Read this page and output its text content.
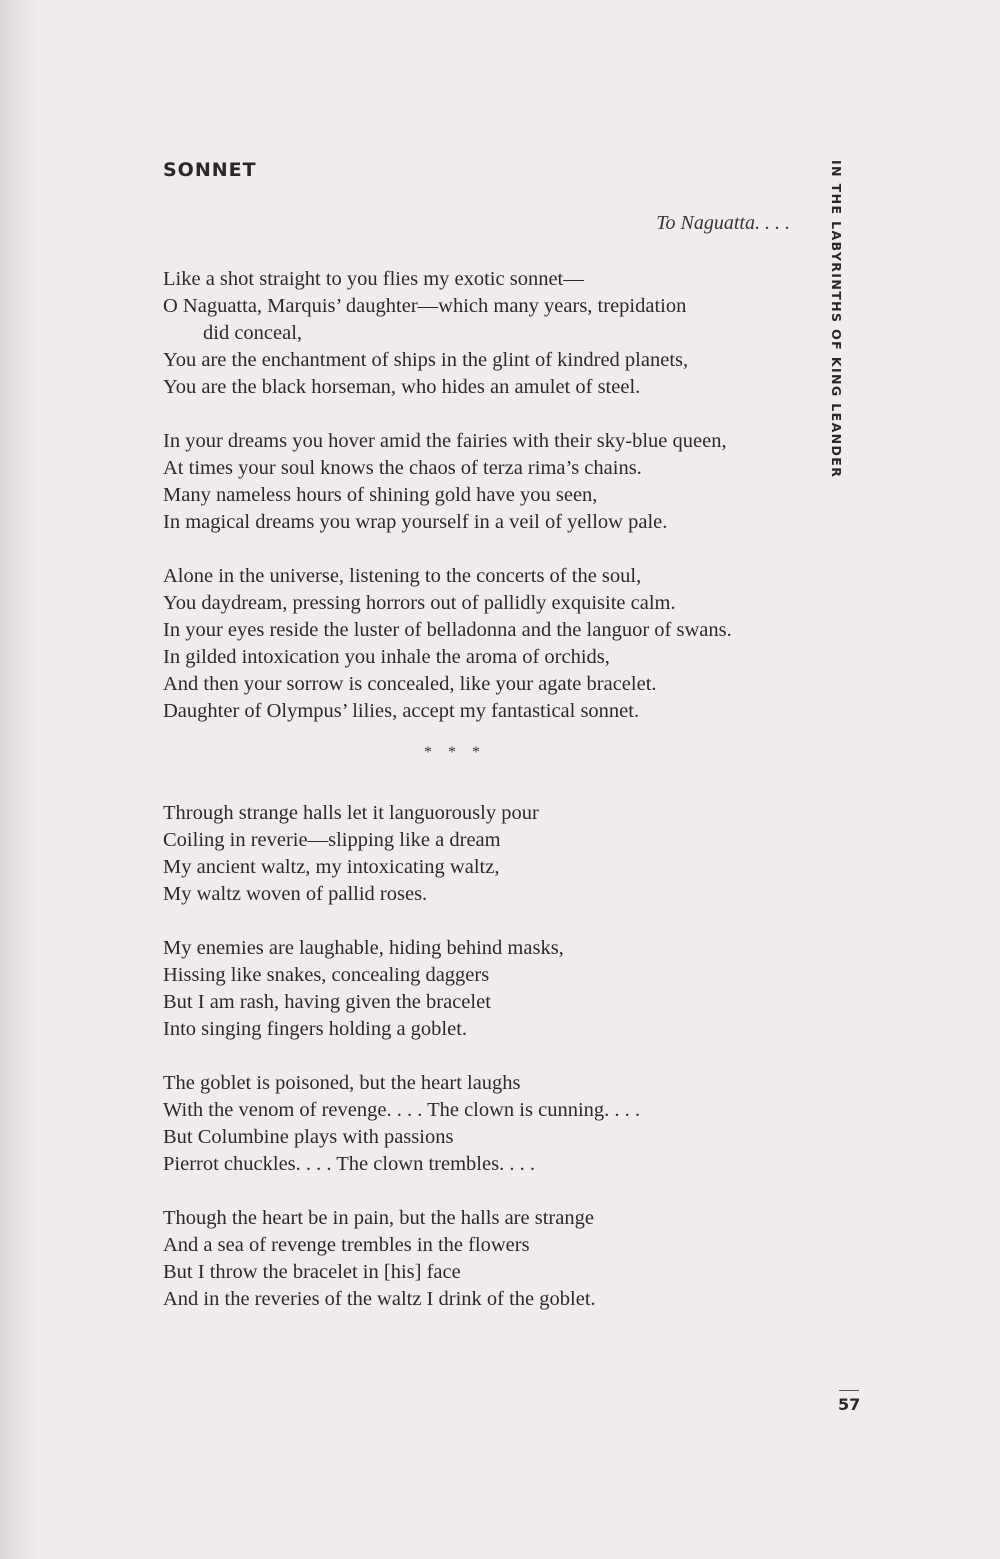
SONNET
To Naguatta. . . .
Like a shot straight to you flies my exotic sonnet—
O Naguatta, Marquis’ daughter—which many years, trepidation
did conceal,
You are the enchantment of ships in the glint of kindred planets,
You are the black horseman, who hides an amulet of steel.
In your dreams you hover amid the fairies with their sky-blue queen,
At times your soul knows the chaos of terza rima’s chains.
Many nameless hours of shining gold have you seen,
In magical dreams you wrap yourself in a veil of yellow pale.
Alone in the universe, listening to the concerts of the soul,
You daydream, pressing horrors out of pallidly exquisite calm.
In your eyes reside the luster of belladonna and the languor of swans.
In gilded intoxication you inhale the aroma of orchids,
And then your sorrow is concealed, like your agate bracelet.
Daughter of Olympus’ lilies, accept my fantastical sonnet.
* * *
Through strange halls let it languorously pour
Coiling in reverie—slipping like a dream
My ancient waltz, my intoxicating waltz,
My waltz woven of pallid roses.
My enemies are laughable, hiding behind masks,
Hissing like snakes, concealing daggers
But I am rash, having given the bracelet
Into singing fingers holding a goblet.
The goblet is poisoned, but the heart laughs
With the venom of revenge. . . . The clown is cunning. . . .
But Columbine plays with passions
Pierrot chuckles. . . . The clown trembles. . . .
Though the heart be in pain, but the halls are strange
And a sea of revenge trembles in the flowers
But I throw the bracelet in [his] face
And in the reveries of the waltz I drink of the goblet.
IN THE LABYRINTHS OF KING LEANDER
57
